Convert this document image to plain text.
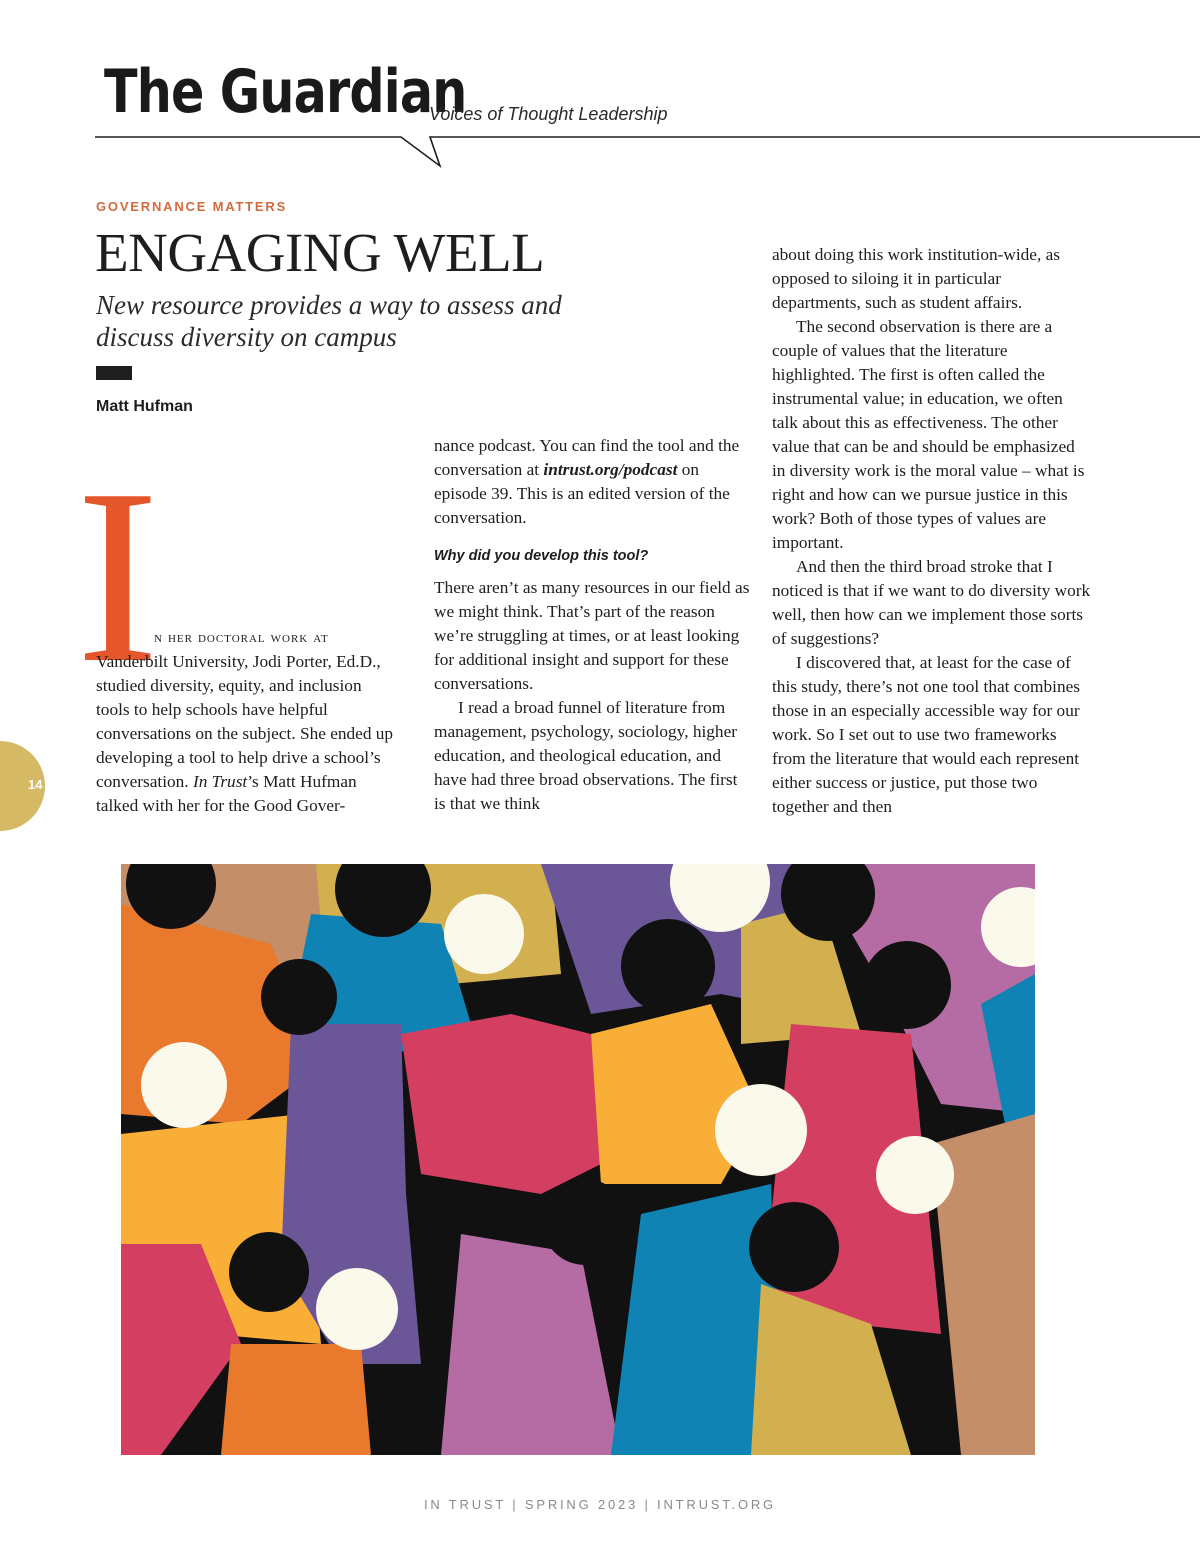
The Guardian
Voices of Thought Leadership
GOVERNANCE MATTERS
ENGAGING WELL

New resource provides a way to assess and discuss diversity on campus

Matt Hufman
I

n her doctoral work at Vanderbilt University, Jodi Porter, Ed.D., studied diversity, equity, and inclusion tools to help schools have helpful conversations on the subject. She ended up developing a tool to help drive a school’s conversation. In Trust’s Matt Hufman talked with her for the Good Gover-

nance podcast. You can find the tool and the conversation at intrust.org/podcast on episode 39. This is an edited version of the conversation.

Why did you develop this tool?

There aren’t as many resources in our field as we might think. That’s part of the reason we’re struggling at times, or at least looking for additional insight and support for these conversations.

I read a broad funnel of literature from management, psychology, sociology, higher education, and theological education, and have had three broad observations. The first is that we think

about doing this work institution-wide, as opposed to siloing it in particular departments, such as student affairs.

The second observation is there are a couple of values that the literature highlighted. The first is often called the instrumental value; in education, we often talk about this as effectiveness. The other value that can be and should be emphasized in diversity work is the moral value – what is right and how can we pursue justice in this work? Both of those types of values are important.

And then the third broad stroke that I noticed is that if we want to do diversity work well, then how can we implement those sorts of suggestions?

I discovered that, at least for the case of this study, there’s not one tool that combines those in an especially accessible way for our work. So I set out to use two frameworks from the literature that would each represent either success or justice, put those two together and then

14
IN TRUST | SPRING 2023 | INTRUST.ORG
